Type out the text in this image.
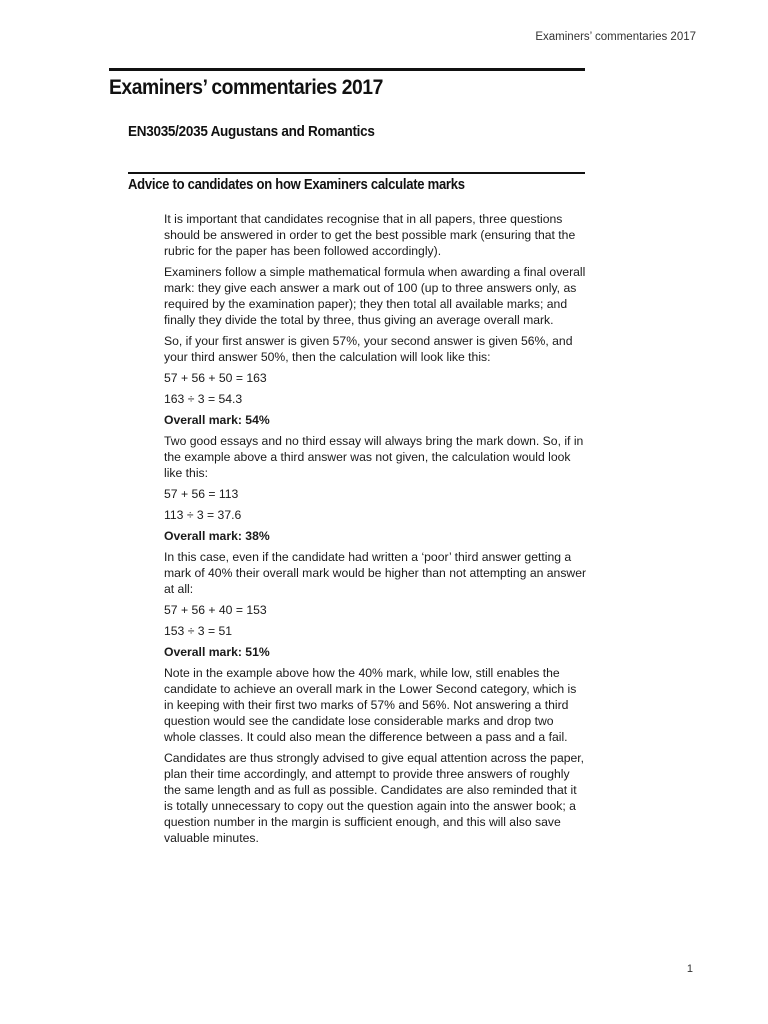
Examiners’ commentaries 2017
Examiners’ commentaries 2017
EN3035/2035 Augustans and Romantics
Advice to candidates on how Examiners calculate marks

It is important that candidates recognise that in all papers, three questions should be answered in order to get the best possible mark (ensuring that the rubric for the paper has been followed accordingly).

Examiners follow a simple mathematical formula when awarding a final overall mark: they give each answer a mark out of 100 (up to three answers only, as required by the examination paper); they then total all available marks; and finally they divide the total by three, thus giving an average overall mark.

So, if your first answer is given 57%, your second answer is given 56%, and your third answer 50%, then the calculation will look like this:

57 + 56 + 50 = 163

163 ÷ 3 = 54.3

Overall mark: 54%

Two good essays and no third essay will always bring the mark down. So, if in the example above a third answer was not given, the calculation would look like this:

57 + 56 = 113

113 ÷ 3 = 37.6

Overall mark: 38%

In this case, even if the candidate had written a ‘poor’ third answer getting a mark of 40% their overall mark would be higher than not attempting an answer at all:

57 + 56 + 40 = 153

153 ÷ 3 = 51

Overall mark: 51%

Note in the example above how the 40% mark, while low, still enables the candidate to achieve an overall mark in the Lower Second category, which is in keeping with their first two marks of 57% and 56%. Not answering a third question would see the candidate lose considerable marks and drop two whole classes. It could also mean the difference between a pass and a fail.

Candidates are thus strongly advised to give equal attention across the paper, plan their time accordingly, and attempt to provide three answers of roughly the same length and as full as possible. Candidates are also reminded that it is totally unnecessary to copy out the question again into the answer book; a question number in the margin is sufficient enough, and this will also save valuable minutes.

1
